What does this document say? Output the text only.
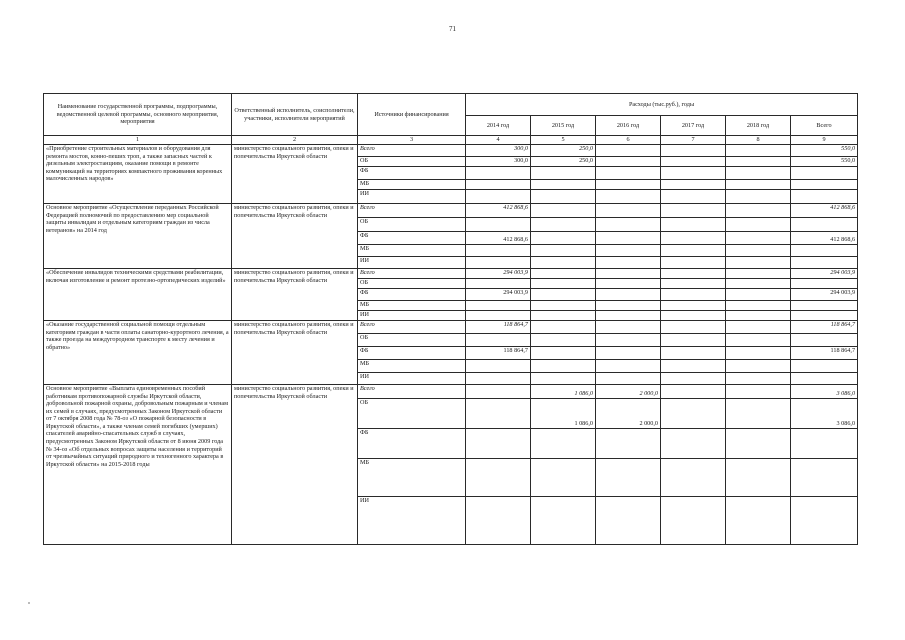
71
Наименование государственной программы, подпрограммы, ведомственной целевой программы, основного мероприятия, мероприятия	Ответственный исполнитель, соисполнители, участники, исполнители мероприятий	Источники финансирования	Расходы (тыс.руб.), годы					
			2014 год	2015 год	2016 год	2017 год	2018 год	Всего
1	2	3	4	5	6	7	8	9
«Приобретение строительных материалов и оборудования для ремонта мостов, конно-пеших троп, а также запасных частей к дизельным электростанциям, оказание помощи в ремонте коммуникаций на территориях компактного проживания коренных малочисленных народов»	министерство социального развития, опеки и попечительства Иркутской области	Всего	300,0	250,0				550,0
		ОБ	300,0	250,0				550,0
		ФБ						
		МБ						
		ИИ						
Основное мероприятие «Осуществление переданных Российской Федерацией полномочий по предоставлению мер социальной защиты инвалидам и отдельным категориям граждан из числа ветеранов» на 2014 год	министерство социального развития, опеки и попечительства Иркутской области	Всего	412 868,6					412 868,6
		ОБ						
		ФБ	412 868,6					412 868,6
		МБ						
		ИИ						
«Обеспечение инвалидов техническими средствами реабилитации, включая изготовление и ремонт протезно-ортопедических изделий»	министерство социального развития, опеки и попечительства Иркутской области	Всего	294 003,9					294 003,9
		ОБ						
		ФБ	294 003,9					294 003,9
		МБ						
		ИИ						
«Оказание государственной социальной помощи отдельным категориям граждан в части оплаты санаторно-курортного лечения, а также проезда на междугородном транспорте к месту лечения и обратно»	министерство социального развития, опеки и попечительства Иркутской области	Всего	118 864,7					118 864,7
		ОБ						
		ФБ	118 864,7					118 864,7
		МБ						
		ИИ						
Основное мероприятие «Выплата единовременных пособий работникам противопожарной службы Иркутской области, добровольной пожарной охраны, добровольным пожарным и членам их семей в случаях, предусмотренных Законом Иркутской области от 7 октября 2008 года № 78-оз «О пожарной безопасности в Иркутской области», а также членам семей погибших (умерших) спасателей аварийно-спасательных служб в случаях, предусмотренных Законом Иркутской области от 8 июня 2009 года № 34-оз «Об отдельных вопросах защиты населения и территорий от чрезвычайных ситуаций природного и техногенного характера в Иркутской области» на 2015-2018 годы	министерство социального развития, опеки и попечительства Иркутской области	Всего		1 086,0	2 000,0			3 086,0
		ОБ		1 086,0	2 000,0			3 086,0
		ФБ						
		МБ						
		ИИ						
